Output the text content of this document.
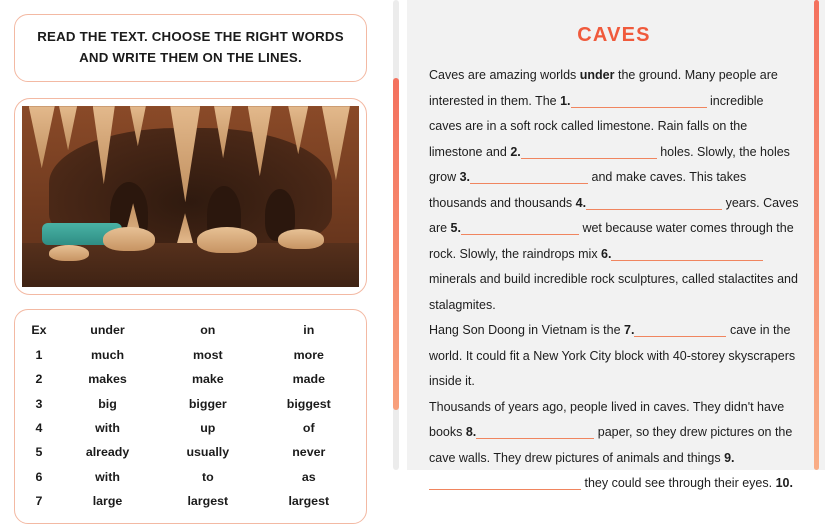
READ THE TEXT. CHOOSE THE RIGHT WORDS AND WRITE THEM ON THE LINES.
Ex	under	on	in
1	much	most	more
2	makes	make	made
3	big	bigger	biggest
4	with	up	of
5	already	usually	never
6	with	to	as
7	large	largest	largest
CAVES
Caves are amazing worlds under the ground. Many people are interested in them. The 1.	incredible caves are in a soft rock called limestone. Rain falls on the limestone and 2.	holes. Slowly, the holes grow 3.	and make caves. This takes thousands and thousands 4.	years. Caves are 5.	wet because water comes through the rock. Slowly, the raindrops mix 6. minerals and build incredible rock sculptures, called stalactites and stalagmites.
Hang Son Doong in Vietnam is the 7.	cave in the world. It could fit a New York City block with 40-storey skyscrapers inside it.
Thousands of years ago, people lived in caves. They didn't have books 8.	paper, so they drew pictures on the cave walls. They drew pictures of animals and things 9. they could see through their eyes. 10.
